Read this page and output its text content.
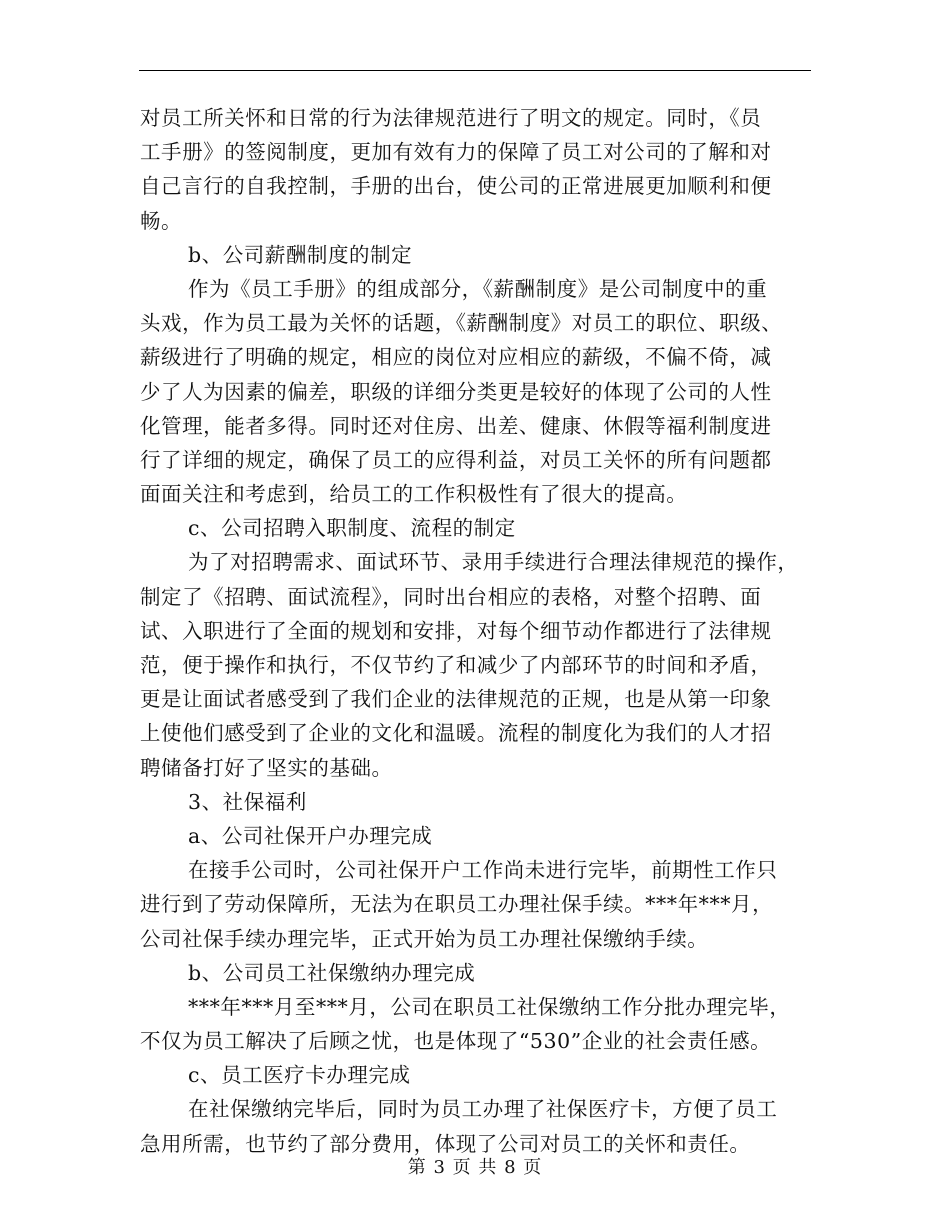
对员工所关怀和日常的行为法律规范进行了明文的规定。同时，《员
工手册》的签阅制度，更加有效有力的保障了员工对公司的了解和对
自己言行的自我控制，手册的出台，使公司的正常进展更加顺利和便
畅。
b、公司薪酬制度的制定
作为《员工手册》的组成部分，《薪酬制度》是公司制度中的重
头戏，作为员工最为关怀的话题，《薪酬制度》对员工的职位、职级、
薪级进行了明确的规定，相应的岗位对应相应的薪级，不偏不倚，减
少了人为因素的偏差，职级的详细分类更是较好的体现了公司的人性
化管理，能者多得。同时还对住房、出差、健康、休假等福利制度进
行了详细的规定，确保了员工的应得利益，对员工关怀的所有问题都
面面关注和考虑到，给员工的工作积极性有了很大的提高。
c、公司招聘入职制度、流程的制定
为了对招聘需求、面试环节、录用手续进行合理法律规范的操作，
制定了《招聘、面试流程》，同时出台相应的表格，对整个招聘、面
试、入职进行了全面的规划和安排，对每个细节动作都进行了法律规
范，便于操作和执行，不仅节约了和减少了内部环节的时间和矛盾，
更是让面试者感受到了我们企业的法律规范的正规，也是从第一印象
上使他们感受到了企业的文化和温暖。流程的制度化为我们的人才招
聘储备打好了坚实的基础。
3、社保福利
a、公司社保开户办理完成
在接手公司时，公司社保开户工作尚未进行完毕，前期性工作只
进行到了劳动保障所，无法为在职员工办理社保手续。***年***月，
公司社保手续办理完毕，正式开始为员工办理社保缴纳手续。
b、公司员工社保缴纳办理完成
***年***月至***月，公司在职员工社保缴纳工作分批办理完毕，
不仅为员工解决了后顾之忧，也是体现了“530”企业的社会责任感。
c、员工医疗卡办理完成
在社保缴纳完毕后，同时为员工办理了社保医疗卡，方便了员工
急用所需，也节约了部分费用，体现了公司对员工的关怀和责任。
第 3 页 共 8 页
